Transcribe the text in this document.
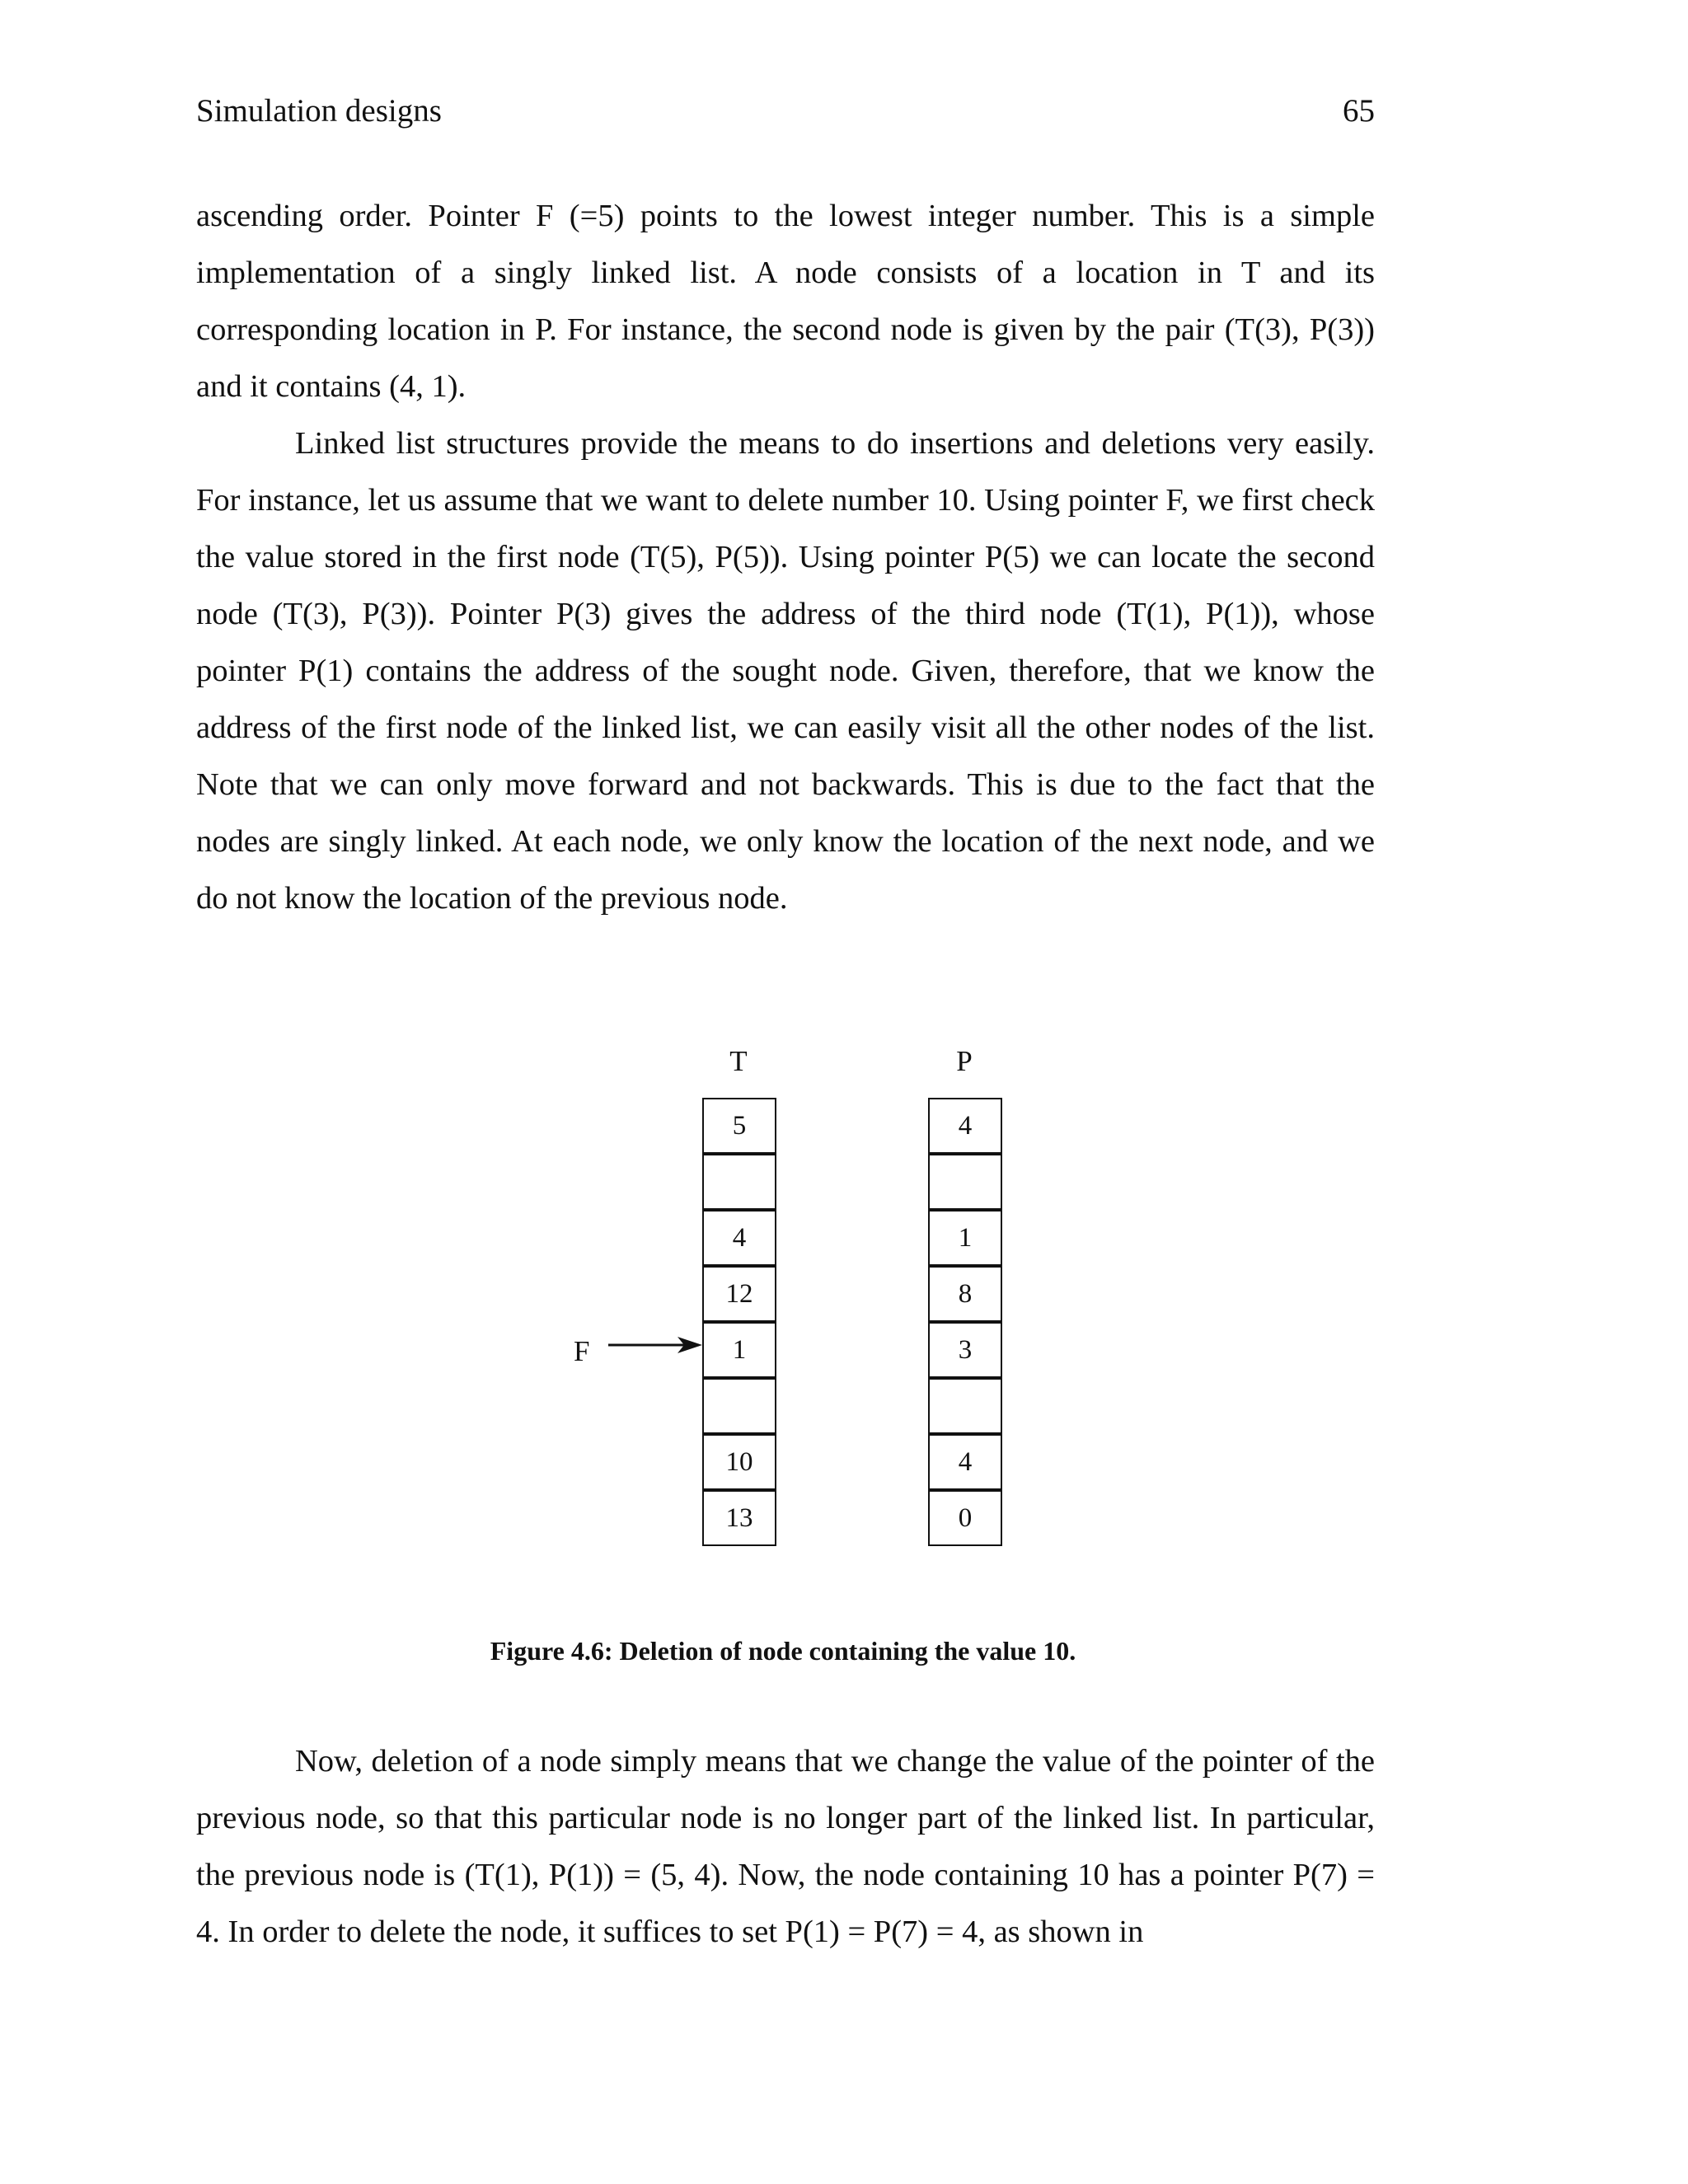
Simulation designs	65

ascending order. Pointer F (=5) points to the lowest integer number. This is a simple implementation of a singly linked list. A node consists of a location in T and its corresponding location in P. For instance, the second node is given by the pair (T(3), P(3)) and it contains (4, 1).

Linked list structures provide the means to do insertions and deletions very easily. For instance, let us assume that we want to delete number 10. Using pointer F, we first check the value stored in the first node (T(5), P(5)). Using pointer P(5) we can locate the second node (T(3), P(3)). Pointer P(3) gives the address of the third node (T(1), P(1)), whose pointer P(1) contains the address of the sought node. Given, therefore, that we know the address of the first node of the linked list, we can easily visit all the other nodes of the list. Note that we can only move forward and not backwards. This is due to the fact that the nodes are singly linked. At each node, we only know the location of the next node, and we do not know the location of the previous node.

T	P
5
4
12
1
10
13
4
1
8
3
4
0
F
Figure 4.6: Deletion of node containing the value 10.

Now, deletion of a node simply means that we change the value of the pointer of the previous node, so that this particular node is no longer part of the linked list. In particular, the previous node is (T(1), P(1)) = (5, 4). Now, the node containing 10 has a pointer P(7) = 4. In order to delete the node, it suffices to set P(1) = P(7) = 4, as shown in
